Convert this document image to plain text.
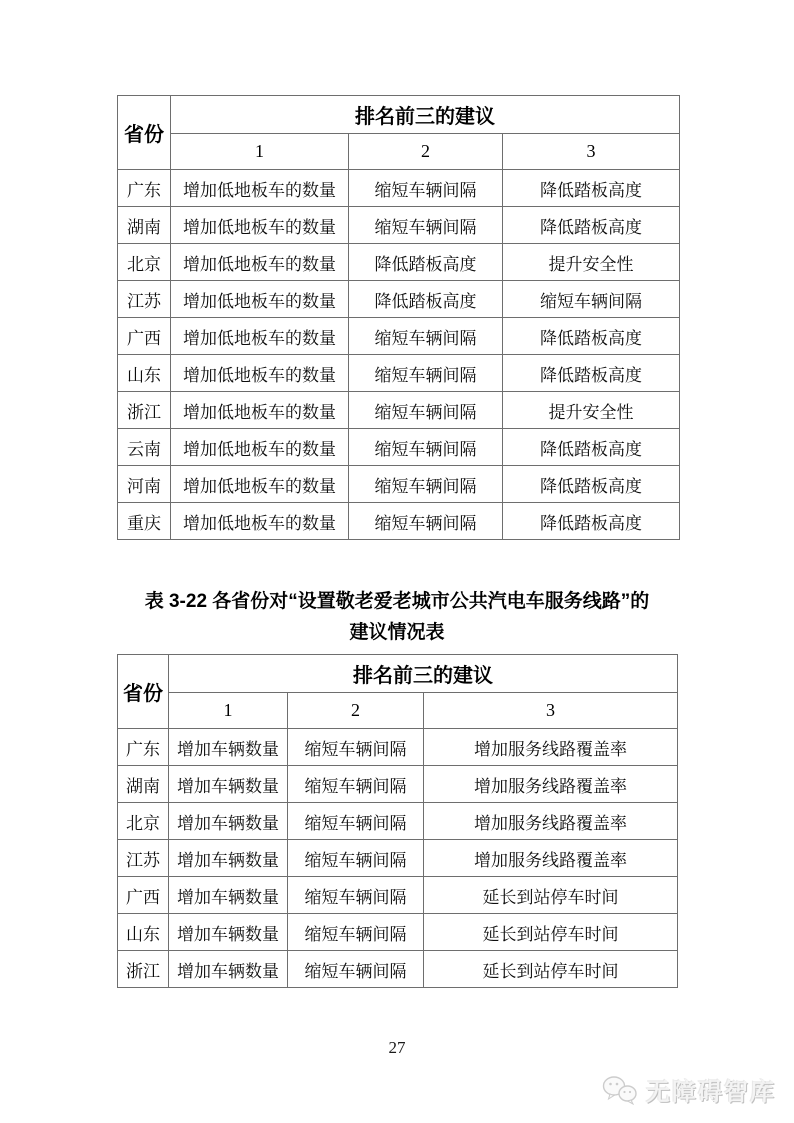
省份	排名前三的建议		
	1	2	3
广东	增加低地板车的数量	缩短车辆间隔	降低踏板高度
湖南	增加低地板车的数量	缩短车辆间隔	降低踏板高度
北京	增加低地板车的数量	降低踏板高度	提升安全性
江苏	增加低地板车的数量	降低踏板高度	缩短车辆间隔
广西	增加低地板车的数量	缩短车辆间隔	降低踏板高度
山东	增加低地板车的数量	缩短车辆间隔	降低踏板高度
浙江	增加低地板车的数量	缩短车辆间隔	提升安全性
云南	增加低地板车的数量	缩短车辆间隔	降低踏板高度
河南	增加低地板车的数量	缩短车辆间隔	降低踏板高度
重庆	增加低地板车的数量	缩短车辆间隔	降低踏板高度
表 3-22 各省份对“设置敬老爱老城市公共汽电车服务线路”的
建议情况表
省份	排名前三的建议		
	1	2	3
广东	增加车辆数量	缩短车辆间隔	增加服务线路覆盖率
湖南	增加车辆数量	缩短车辆间隔	增加服务线路覆盖率
北京	增加车辆数量	缩短车辆间隔	增加服务线路覆盖率
江苏	增加车辆数量	缩短车辆间隔	增加服务线路覆盖率
广西	增加车辆数量	缩短车辆间隔	延长到站停车时间
山东	增加车辆数量	缩短车辆间隔	延长到站停车时间
浙江	增加车辆数量	缩短车辆间隔	延长到站停车时间
27
无障碍智库
